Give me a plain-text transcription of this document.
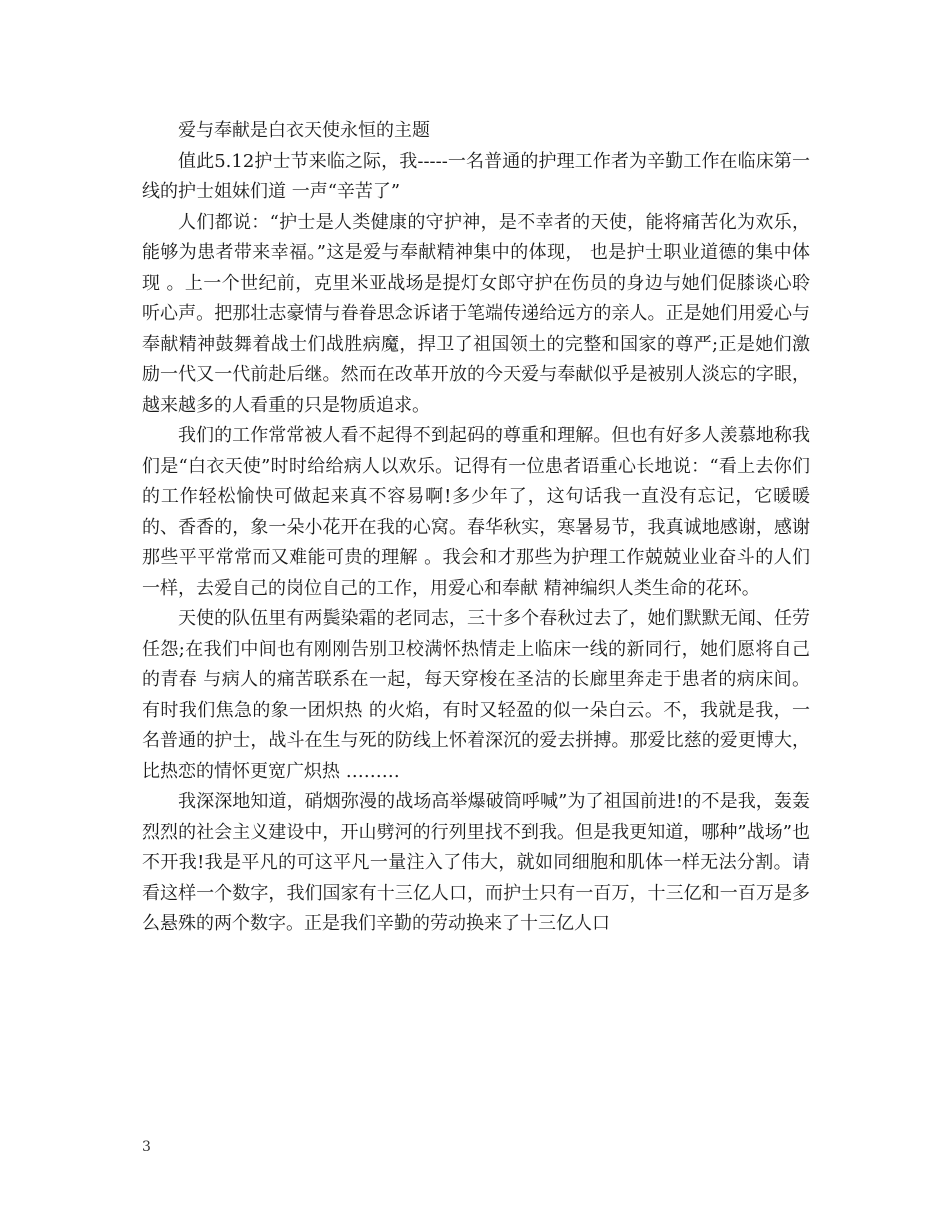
爱与奉献是白衣天使永恒的主题

值此5.12护士节来临之际，我-----一名普通的护理工作者为辛勤工作在临床第一线的护士姐妹们道 一声“辛苦了”

人们都说：“护士是人类健康的守护神，是不幸者的天使，能将痛苦化为欢乐，能够为患者带来幸福。”这是爱与奉献精神集中的体现， 也是护士职业道德的集中体现 。上一个世纪前，克里米亚战场是提灯女郎守护在伤员的身边与她们促膝谈心聆听心声。把那壮志豪情与眷眷思念诉诸于笔端传递给远方的亲人。正是她们用爱心与奉献精神鼓舞着战士们战胜病魔，捍卫了祖国领土的完整和国家的尊严;正是她们激励一代又一代前赴后继。然而在改革开放的今天爱与奉献似乎是被别人淡忘的字眼，越来越多的人看重的只是物质追求。

我们的工作常常被人看不起得不到起码的尊重和理解。但也有好多人羡慕地称我们是“白衣天使”时时给给病人以欢乐。记得有一位患者语重心长地说：“看上去你们的工作轻松愉快可做起来真不容易啊!多少年了，这句话我一直没有忘记，它暖暖的、香香的，象一朵小花开在我的心窝。春华秋实，寒暑易节，我真诚地感谢，感谢那些平平常常而又难能可贵的理解 。我会和才那些为护理工作兢兢业业奋斗的人们一样，去爱自己的岗位自己的工作，用爱心和奉献 精神编织人类生命的花环。

天使的队伍里有两鬓染霜的老同志，三十多个春秋过去了，她们默默无闻、任劳任怨;在我们中间也有刚刚告别卫校满怀热情走上临床一线的新同行，她们愿将自己的青春 与病人的痛苦联系在一起，每天穿梭在圣洁的长廊里奔走于患者的病床间。有时我们焦急的象一团炽热 的火焰，有时又轻盈的似一朵白云。不，我就是我，一名普通的护士，战斗在生与死的防线上怀着深沉的爱去拼搏。那爱比慈的爱更博大，比热恋的情怀更宽广炽热 ………

我深深地知道，硝烟弥漫的战场高举爆破筒呼喊”为了祖国前进!的不是我，轰轰烈烈的社会主义建设中，开山劈河的行列里找不到我。但是我更知道，哪种”战场”也不开我!我是平凡的可这平凡一量注入了伟大，就如同细胞和肌体一样无法分割。请看这样一个数字，我们国家有十三亿人口，而护士只有一百万，十三亿和一百万是多么悬殊的两个数字。正是我们辛勤的劳动换来了十三亿人口

3
